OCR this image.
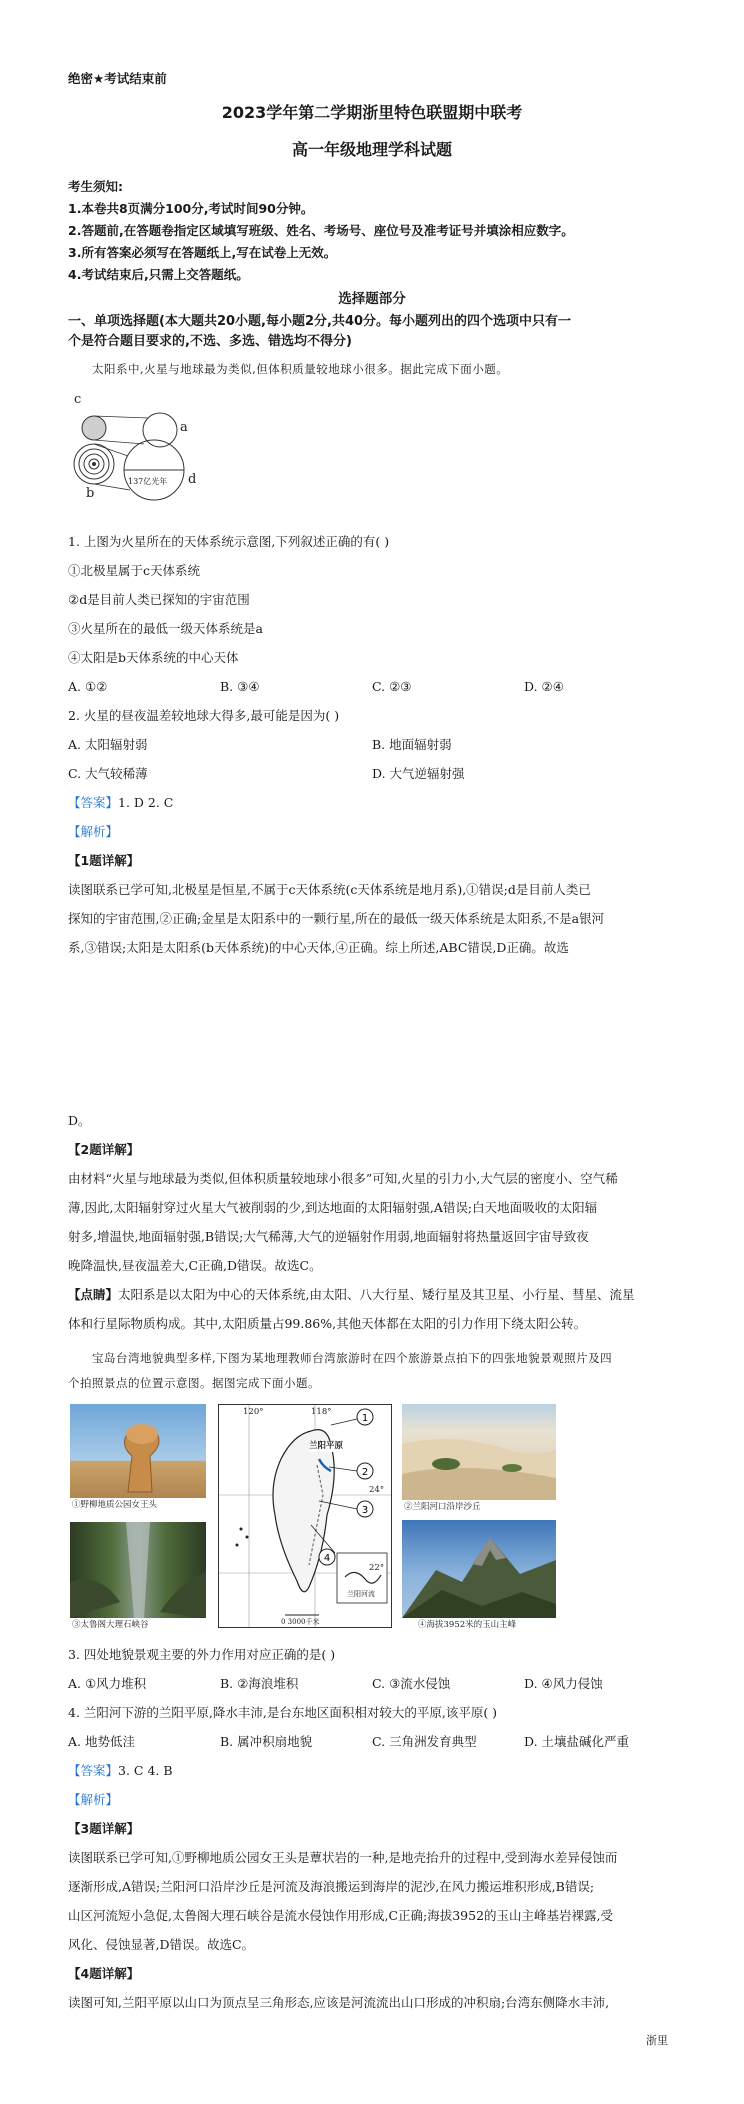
绝密★考试结束前
2023学年第二学期浙里特色联盟期中联考
高一年级地理学科试题
考生须知:
1.本卷共8页满分100分,考试时间90分钟。
2.答题前,在答题卷指定区域填写班级、姓名、考场号、座位号及准考证号并填涂相应数字。
3.所有答案必须写在答题纸上,写在试卷上无效。
4.考试结束后,只需上交答题纸。
选择题部分
一、单项选择题(本大题共20小题,每小题2分,共40分。每小题列出的四个选项中只有一
个是符合题目要求的,不选、多选、错选均不得分)
太阳系中,火星与地球最为类似,但体积质量较地球小很多。据此完成下面小题。
c
a
b
d
137亿光年
1. 上图为火星所在的天体系统示意图,下列叙述正确的有( )
①北极星属于c天体系统
②d是目前人类已探知的宇宙范围
③火星所在的最低一级天体系统是a
④太阳是b天体系统的中心天体
A. ①②	B. ③④	C. ②③	D. ②④
2. 火星的昼夜温差较地球大得多,最可能是因为( )
A. 太阳辐射弱	B. 地面辐射弱
C. 大气较稀薄	D. 大气逆辐射强
【答案】1. D 2. C
【解析】
【1题详解】
读图联系已学可知,北极星是恒星,不属于c天体系统(c天体系统是地月系),①错误;d是目前人类已
探知的宇宙范围,②正确;金星是太阳系中的一颗行星,所在的最低一级天体系统是太阳系,不是a银河
系,③错误;太阳是太阳系(b天体系统)的中心天体,④正确。综上所述,ABC错误,D正确。故选
D。
【2题详解】
由材料“火星与地球最为类似,但体积质量较地球小很多”可知,火星的引力小,大气层的密度小、空气稀
薄,因此,太阳辐射穿过火星大气被削弱的少,到达地面的太阳辐射强,A错误;白天地面吸收的太阳辐
射多,增温快,地面辐射强,B错误;大气稀薄,大气的逆辐射作用弱,地面辐射将热量返回宇宙导致夜
晚降温快,昼夜温差大,C正确,D错误。故选C。
【点睛】太阳系是以太阳为中心的天体系统,由太阳、八大行星、矮行星及其卫星、小行星、彗星、流星
体和行星际物质构成。其中,太阳质量占99.86%,其他天体都在太阳的引力作用下绕太阳公转。
宝岛台湾地貌典型多样,下图为某地理教师台湾旅游时在四个旅游景点拍下的四张地貌景观照片及四
个拍照景点的位置示意图。据图完成下面小题。
①野柳地质公园女王头
③太鲁阁大理石峡谷
1
2
3
4
120°	118°
24°
22°
兰阳平原
兰阳河流
0 3000千米
②兰阳河口沿岸沙丘
④海拔3952米的玉山主峰
3. 四处地貌景观主要的外力作用对应正确的是( )
A. ①风力堆积	B. ②海浪堆积	C. ③流水侵蚀	D. ④风力侵蚀
4. 兰阳河下游的兰阳平原,降水丰沛,是台东地区面积相对较大的平原,该平原( )
A. 地势低洼	B. 属冲积扇地貌	C. 三角洲发育典型	D. 土壤盐碱化严重
【答案】3. C 4. B
【解析】
【3题详解】
读图联系已学可知,①野柳地质公园女王头是蕈状岩的一种,是地壳抬升的过程中,受到海水差异侵蚀而
逐渐形成,A错误;兰阳河口沿岸沙丘是河流及海浪搬运到海岸的泥沙,在风力搬运堆积形成,B错误;
山区河流短小急促,太鲁阁大理石峡谷是流水侵蚀作用形成,C正确;海拔3952的玉山主峰基岩裸露,受
风化、侵蚀显著,D错误。故选C。
【4题详解】
读图可知,兰阳平原以山口为顶点呈三角形态,应该是河流流出山口形成的冲积扇;台湾东侧降水丰沛,
浙里
